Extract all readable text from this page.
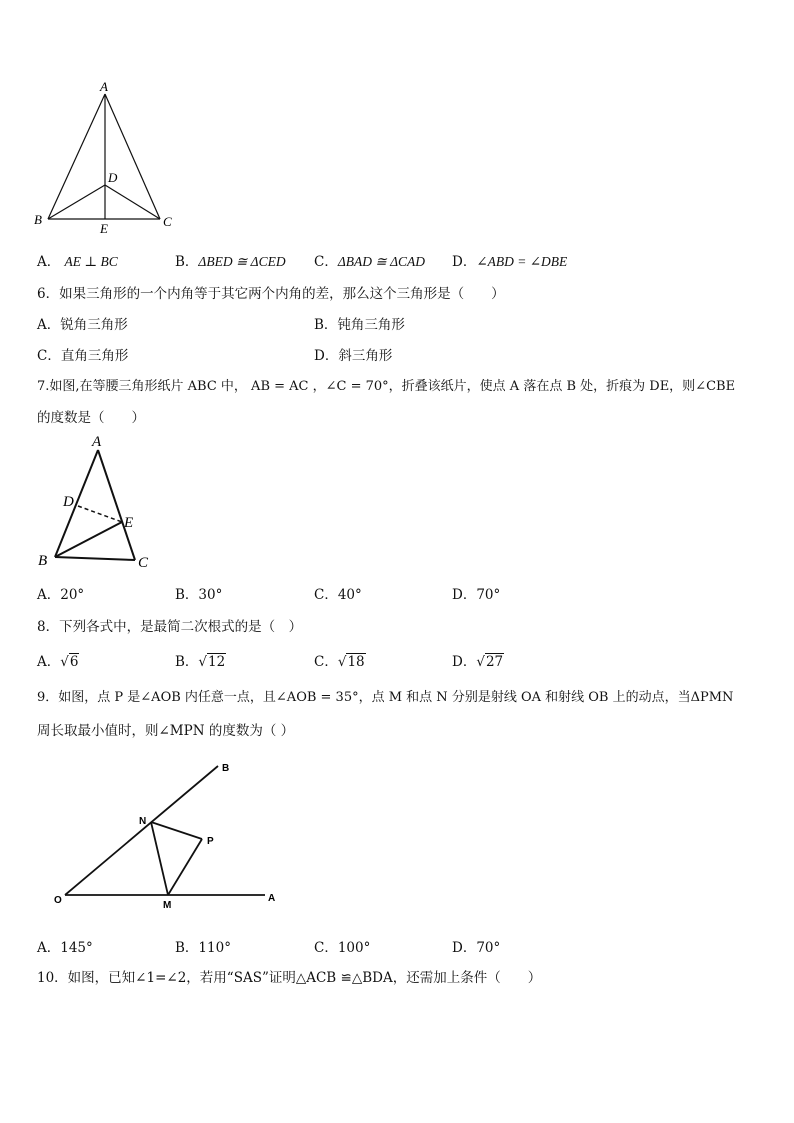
A
D
B
E	C
A． AE ⊥ BC	B．ΔBED ≅ ΔCED C．ΔBAD ≅ ΔCAD D．∠ABD = ∠DBE
6．如果三角形的一个内角等于其它两个内角的差，那么这个三角形是（　　）
A．锐角三角形	B．钝角三角形
C．直角三角形	D．斜三角形
7.如图,在等腰三角形纸片 ABC 中， AB = AC ，∠C = 70°，折叠该纸片，使点 A 落在点 B 处，折痕为 DE，则∠CBE
的度数是（　　）
A
D
E
B	C
A．20°	B．30°	C．40°	D．70°
8．下列各式中，是最简二次根式的是（　）
A．√6	B．√12	C．√18	D．√27
9．如图，点 P 是∠AOB 内任意一点，且∠AOB = 35°，点 M 和点 N 分别是射线 OA 和射线 OB 上的动点，当ΔPMN
周长取最小值时，则∠MPN 的度数为（ ）
B
N
P
O	M
A
A．145°	B．110°	C．100°	D．70°
10．如图，已知∠1=∠2，若用“SAS”证明△ACB ≌△BDA，还需加上条件（　　）
